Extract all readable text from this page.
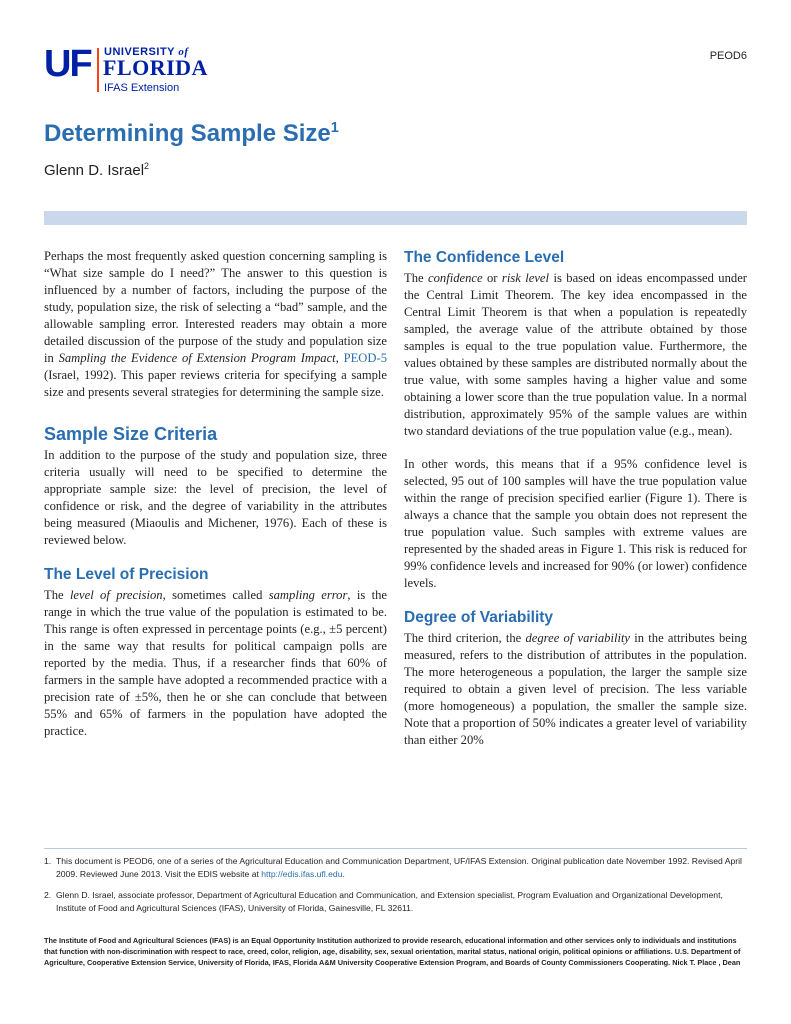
UF UNIVERSITY of
FLORIDA
IFAS Extension
PEOD6
Determining Sample Size$^1$
Glenn D. Israel$^2$

Perhaps the most frequently asked question concerning sampling is “What size sample do I need?” The answer to this question is influenced by a number of factors, including the purpose of the study, population size, the risk of selecting a “bad” sample, and the allowable sampling error. Interested readers may obtain a more detailed discussion of the purpose of the study and population size in Sampling the Evidence of Extension Program Impact, PEOD-5 (Israel, 1992). This paper reviews criteria for specifying a sample size and presents several strategies for determining the sample size.

Sample Size Criteria

In addition to the purpose of the study and population size, three criteria usually will need to be specified to determine the appropriate sample size: the level of precision, the level of confidence or risk, and the degree of variability in the attributes being measured (Miaoulis and Michener, 1976). Each of these is reviewed below.

The Level of Precision

The level of precision, sometimes called sampling error, is the range in which the true value of the population is estimated to be. This range is often expressed in percentage points (e.g., ±5 percent) in the same way that results for political campaign polls are reported by the media. Thus, if a researcher finds that 60% of farmers in the sample have adopted a recommended practice with a precision rate of ±5%, then he or she can conclude that between 55% and 65% of farmers in the population have adopted the practice.

The Confidence Level

The confidence or risk level is based on ideas encompassed under the Central Limit Theorem. The key idea encompassed in the Central Limit Theorem is that when a population is repeatedly sampled, the average value of the attribute obtained by those samples is equal to the true population value. Furthermore, the values obtained by these samples are distributed normally about the true value, with some samples having a higher value and some obtaining a lower score than the true population value. In a normal distribution, approximately 95% of the sample values are within two standard deviations of the true population value (e.g., mean).

In other words, this means that if a 95% confidence level is selected, 95 out of 100 samples will have the true population value within the range of precision specified earlier (Figure 1). There is always a chance that the sample you obtain does not represent the true population value. Such samples with extreme values are represented by the shaded areas in Figure 1. This risk is reduced for 99% confidence levels and increased for 90% (or lower) confidence levels.

Degree of Variability

The third criterion, the degree of variability in the attributes being measured, refers to the distribution of attributes in the population. The more heterogeneous a population, the larger the sample size required to obtain a given level of precision. The less variable (more homogeneous) a population, the smaller the sample size. Note that a proportion of 50% indicates a greater level of variability than either 20%

1. This document is PEOD6, one of a series of the Agricultural Education and Communication Department, UF/IFAS Extension. Original publication date November 1992. Revised April 2009. Reviewed June 2013. Visit the EDIS website at http://edis.ifas.ufl.edu.

2. Glenn D. Israel, associate professor, Department of Agricultural Education and Communication, and Extension specialist, Program Evaluation and Organizational Development, Institute of Food and Agricultural Sciences (IFAS), University of Florida, Gainesville, FL 32611.

The Institute of Food and Agricultural Sciences (IFAS) is an Equal Opportunity Institution authorized to provide research, educational information and other services only to individuals and institutions that function with non-discrimination with respect to race, creed, color, religion, age, disability, sex, sexual orientation, marital status, national origin, political opinions or affiliations. U.S. Department of Agriculture, Cooperative Extension Service, University of Florida, IFAS, Florida A&M University Cooperative Extension Program, and Boards of County Commissioners Cooperating. Nick T. Place , Dean
